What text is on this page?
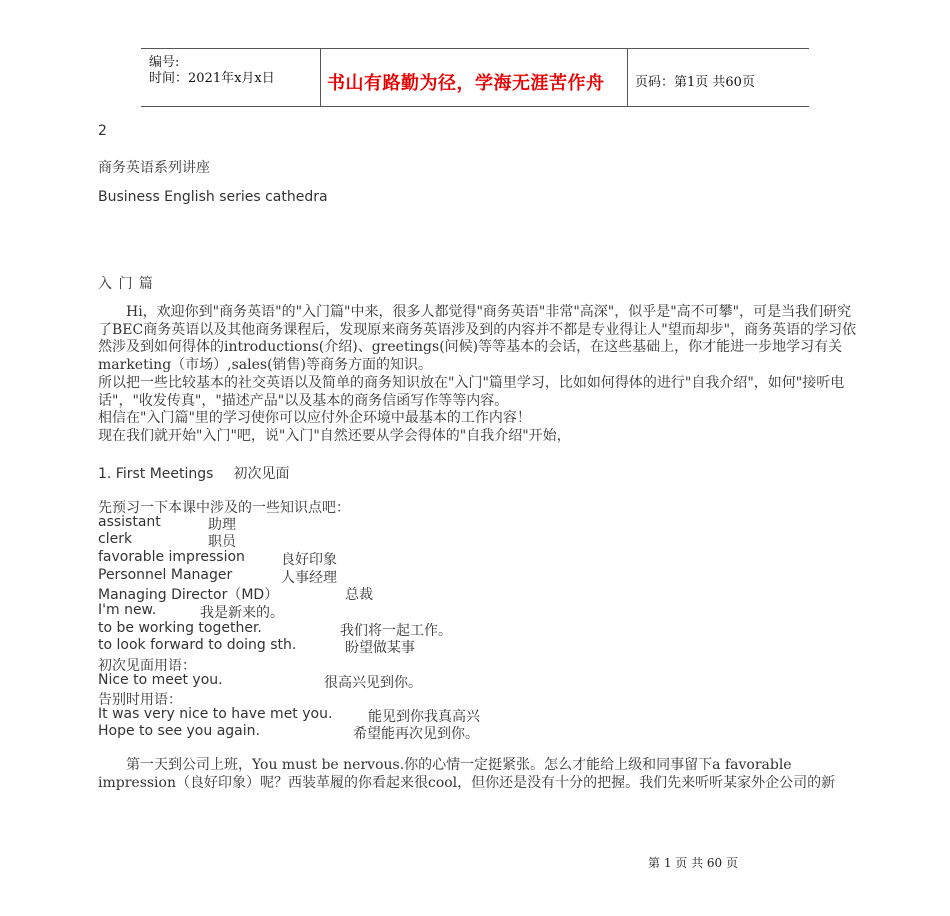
编号:
时间：2021年x月x日	书山有路勤为径，学海无涯苦作舟	页码：第1页 共60页
2
商务英语系列讲座
Business English series cathedra
入 门 篇
Hi，欢迎你到"商务英语"的"入门篇"中来，很多人都觉得"商务英语"非常"高深"，似乎是"高不可攀"，可是当我们研究了BEC商务英语以及其他商务课程后，发现原来商务英语涉及到的内容并不都是专业得让人"望而却步"，商务英语的学习依然涉及到如何得体的introductions(介绍)、greetings(问候)等等基本的会话，在这些基础上，你才能进一步地学习有关marketing（市场）,sales(销售)等商务方面的知识。
所以把一些比较基本的社交英语以及简单的商务知识放在"入门"篇里学习，比如如何得体的进行"自我介绍"，如何"接听电话"，"收发传真"，"描述产品"以及基本的商务信函写作等等内容。
相信在"入门篇"里的学习使你可以应付外企环境中最基本的工作内容！
现在我们就开始"入门"吧，说"入门"自然还要从学会得体的"自我介绍"开始，
1. First Meetings 初次见面
先预习一下本课中涉及的一些知识点吧：
assistant	助理
clerk	职员
favorable impression	良好印象
Personnel Manager	人事经理
Managing Director（MD）	总裁
I'm new.	我是新来的。
to be working together.	我们将一起工作。
to look forward to doing sth.	盼望做某事
初次见面用语：
Nice to meet you.	很高兴见到你。
告别时用语：
It was very nice to have met you.	能见到你我真高兴
Hope to see you again.	希望能再次见到你。
第一天到公司上班，You must be nervous.你的心情一定挺紧张。怎么才能给上级和同事留下a favorable impression（良好印象）呢？西装革履的你看起来很cool，但你还是没有十分的把握。我们先来听听某家外企公司的新
第 1 页 共 60 页
